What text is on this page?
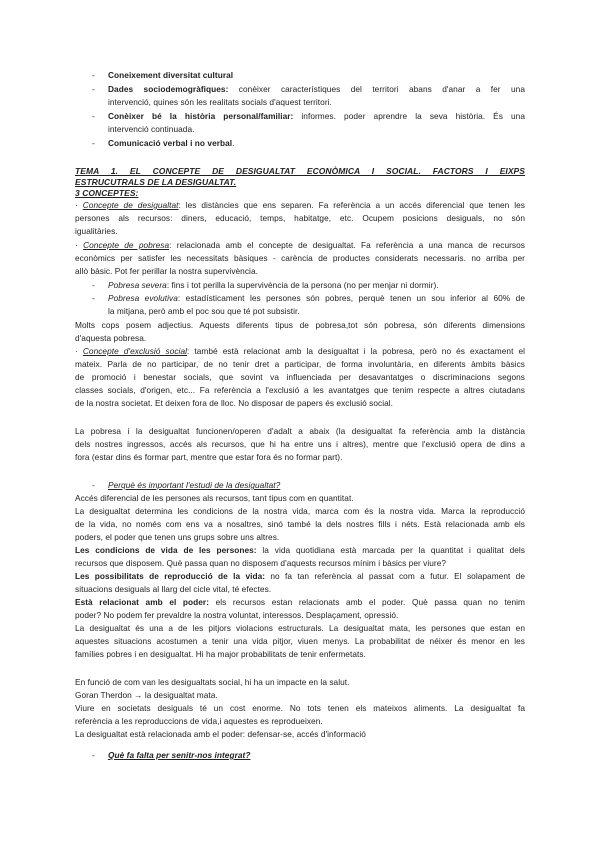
- Coneixement diversitat cultural
- Dades sociodemogràfiques: conèixer característiques del territori abans d'anar a fer una
intervenció, quines són les realitats socials d'aquest territori.
- Conèixer bé la història personal/familiar: informes. poder aprendre la seva història. És una
intervenció continuada.
- Comunicació verbal i no verbal.
TEMA 1. EL CONCEPTE DE DESIGUALTAT ECONÒMICA I SOCIAL. FACTORS I EIXPS
ESTRUCUTRALS DE LA DESIGUALTAT.
3 CONCEPTES:
· Concepte de desigualtat: les distàncies que ens separen. Fa referència a un accés diferencial que tenen les
persones als recursos: diners, educació, temps, habitatge, etc. Ocupem posicions desiguals, no són
igualitàries.
· Concepte de pobresa: relacionada amb el concepte de desigualtat. Fa referència a una manca de recursos
econòmics per satisfer les necessitats bàsiques - carència de productes considerats necessaris. no arriba per
allò bàsic. Pot fer perillar la nostra supervivència.
- Pobresa severa: fins i tot perilla la supervivència de la persona (no per menjar ni dormir).
- Pobresa evolutiva: estadísticament les persones són pobres, perquè tenen un sou inferior al 60% de
la mitjana, però amb el poc sou que té pot subsistir.
Molts cops posem adjectius. Aquests diferents tipus de pobresa,tot són pobresa, són diferents dimensions
d'aquesta pobresa.
· Concepte d'exclusió social: també està relacionat amb la desigualtat i la pobresa, però no és exactament el
mateix. Parla de no participar, de no tenir dret a participar, de forma involuntària, en diferents àmbits bàsics
de promoció i benestar socials, que sovint va influenciada per desavantatges o discriminacions segons
classes socials, d'origen, etc... Fa referència a l'exclusió a les avantatges que tenim respecte a altres ciutadans
de la nostra societat. Et deixen fora de lloc. No disposar de papers és exclusió social.
La pobresa i la desigualtat funcionen/operen d'adalt a abaix (la desigualtat fa referència amb la distància
dels nostres ingressos, accés als recursos, que hi ha entre uns i altres), mentre que l'exclusió opera de dins a
fora (estar dins és formar part, mentre que estar fora és no formar part).
- Perquè és important l'estudi de la desigualtat?
Accés diferencial de les persones als recursos, tant tipus com en quantitat.
La desigualtat determina les condicions de la nostra vida, marca com és la nostra vida. Marca la reproducció
de la vida, no només com ens va a nosaltres, sinó també la dels nostres fills i néts. Està relacionada amb els
poders, el poder que tenen uns grups sobre uns altres.
Les condicions de vida de les persones: la vida quotidiana està marcada per la quantitat i qualitat dels
recursos que disposem. Què passa quan no disposem d'aquests recursos mínim i bàsics per viure?
Les possibilitats de reproducció de la vida: no fa tan referència al passat com a futur. El solapament de
situacions desiguals al llarg del cicle vital, té efectes.
Està relacionat amb el poder: els recursos estan relacionats amb el poder. Què passa quan no tenim
poder? No podem fer prevaldre la nostra voluntat, interessos. Desplaçament, opressió.
La desigualtat és una a de les pitjors violacions estructurals. La desigualtat mata, les persones que estan en
aquestes situacions acostumen a tenir una vida pitjor, viuen menys. La probabilitat de néixer és menor en les
famílies pobres i en desigualtat. Hi ha major probabilitats de tenir enfermetats.
En funció de com van les desigualtats social, hi ha un impacte en la salut.
Goran Therdon → la desigualtat mata.
Viure en societats desiguals té un cost enorme. No tots tenen els mateixos aliments. La desigualtat fa
referència a les reproduccions de vida,i aquestes es reprodueixen.
La desigualtat està relacionada amb el poder: defensar-se, accés d'informació
- Què fa falta per senitr-nos integrat?
